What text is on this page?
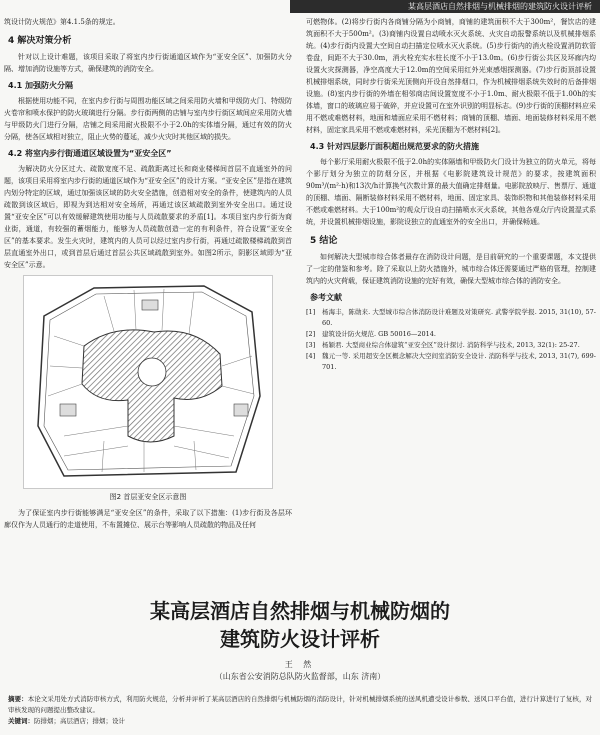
某高层酒店自然排烟与机械排烟的建筑防火设计评析

筑设计防火规范》第4.1.5条的规定。

4 解决对策分析

针对以上设计难题，该项目采取了将室内步行街通道区域作为“亚安全区”、加强防火分隔、增加消防设施等方式，确保建筑的消防安全。

4.1 加强防火分隔

根据使用功能不同，在室内步行街与周围功能区域之间采用防火墙和甲级防火门、特级防火卷帘和喷水保护的防火玻璃进行分隔。步行街两侧的店铺与室内步行街区域间应采用防火墙与甲级防火门进行分隔，店铺之间采用耐火极限不小于2.0h的实体墙分隔，通过有效的防火分隔，使各区域相对独立，阻止火势的蔓延，减少火灾时其他区域的损失。

4.2 将室内步行街通道区域设置为“亚安全区”

为解决防火分区过大、疏散宽度不足、疏散距离过长和商业楼梯间首层不直通室外的问题，该项目采用将室内步行街的通道区域作为“亚安全区”的设计方案。“亚安全区”是指在建筑内划分特定的区域，通过加强该区域的防火安全措施，创造相对安全的条件，使建筑内的人员疏散到该区域后，即视为到达相对安全场所，再通过该区域疏散到室外安全出口。通过设置“亚安全区”可以有效缓解建筑使用功能与人员疏散要求的矛盾[1]。本项目室内步行街为商业街，通道，有较强的蓄烟能力，能够为人员疏散创造一定的有利条件，符合设置“亚安全区”的基本要求。发生火灾时，建筑内的人员可以经过室内步行街，再通过疏散楼梯疏散到首层直通室外出口，或到首层后通过首层公共区域疏散到室外。如图2所示，阴影区域即为“亚安全区”示意。

图2 首层亚安全区示意图

为了保证室内步行街能够满足“亚安全区”的条件，采取了以下措施：(1)步行街及各层环廊仅作为人员通行的走道使用，不布置摊位、展示台等影响人员疏散的物品及任何

可燃物体。(2)将步行街内各商铺分隔为小商铺，商铺的建筑面积不大于300m²，餐饮店的建筑面积不大于500m²。(3)商铺内设置自动喷水灭火系统、火灾自动报警系统以及机械排烟系统。(4)步行街内设置大空间自动扫描定位喷水灭火系统。(5)步行街内的消火栓设置消防软管卷盘，间距不大于30.0m，消火栓充实水柱长度不小于13.0m。(6)步行街公共区及环廊内均设置火灾探测器，净空高度大于12.0m的空间采用红外光束感烟探测器。(7)步行街顶部设置机械排烟系统，同时步行街采光顶侧向开设自然排烟口，作为机械排烟系统失效时的后备排烟设施。(8)室内步行街的外墙在相邻商店间设置宽度不小于1.0m、耐火极限不低于1.00h的实体墙，窗口的玻璃应易于破碎，并应设置可在室外识别的明显标志。(9)步行街的顶棚材料应采用不燃或难燃材料，地面和墙面应采用不燃材料；商铺的顶棚、墙面、地面装修材料采用不燃材料，固定家具采用不燃或难燃材料，采光顶棚为不燃材料[2]。

4.3 针对四层影厅面积超出规范要求的防火措施

每个影厅采用耐火极限不低于2.0h的实体隔墙和甲级防火门设计为独立的防火单元，将每个影厅划分为独立的防烟分区，并根据《电影院建筑设计规范》的要求，按建筑面积90m³/(m²·h)和13次/h计算换气次数计算的最大值确定排烟量。电影院放映厅、售票厅、通道的顶棚、墙面、隔断装修材料采用不燃材料，地面、固定家具、装饰织物和其他装修材料采用不燃或难燃材料。大于100m²的观众厅设自动扫描喷水灭火系统，其他各观众厅内设置湿式系统，并设置机械排烟设施，影院设独立的直通室外的安全出口，并确保畅通。

5 结论

如何解决大型城市综合体者最存在消防设计问题，是目前研究的一个重要课题，本文提供了一定的借鉴和参考。除了采取以上防火措施外，城市综合体还需要通过严格的管理，控制建筑内的火灾荷载，保证建筑消防设施的完好有效，确保大型城市综合体的消防安全。

参考文献
[1]	杨海丰，陈勋来. 大型城市综合体消防设计难题及对策研究. 武警学院学报. 2015, 31(10), 57-60.
[2]	建筑设计防火规范. GB 50016—2014.
[3]	杨颖君. 大型商业综合体建筑“亚安全区”设计探讨. 消防科学与技术, 2013, 32(1): 25-27.
[4]	魏元一等. 采用超安全区概念解决大空间室消防安全设计. 消防科学与技术, 2013, 31(7), 699-701.
某高层酒店自然排烟与机械防烟的
建筑防火设计评析
王 然
（山东省公安消防总队防火监督部，山东 济南）
摘要：本论文采用处方式消防审核方式，利用防火规范，分析并评析了某高层酒店的自然排烟与机械防烟的消防设计，针对机械排烟系统的送风机遭受设计参数、送风口平台值，进行计算进行了复核，对审核发现的问题提出整改建议。
关键词：防排烟；高层酒店；排烟；设计
